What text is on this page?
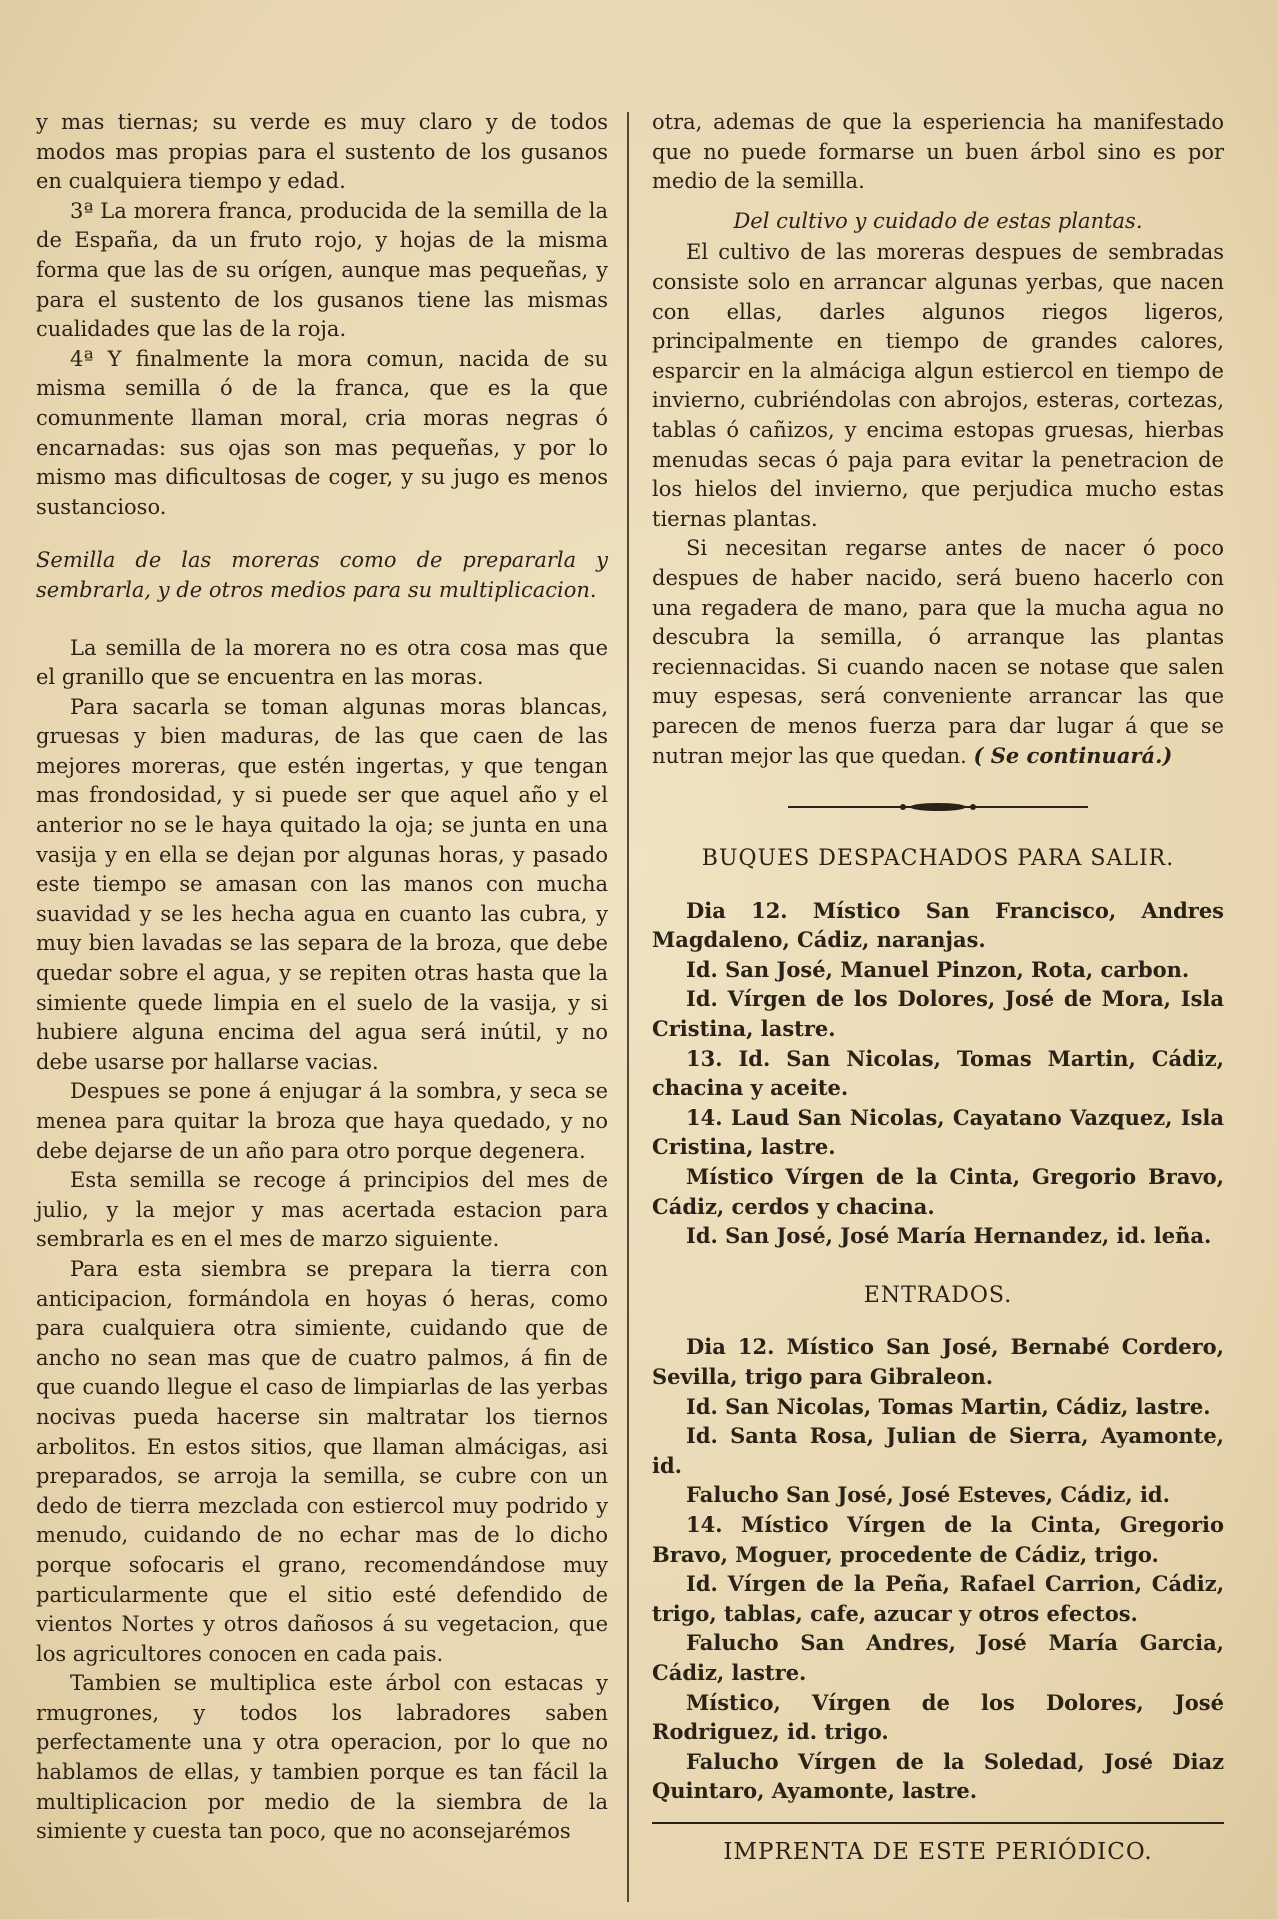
y mas tiernas; su verde es muy claro y de todos modos mas propias para el sustento de los gusanos en cualquiera tiempo y edad.

3ª La morera franca, producida de la semilla de la de España, da un fruto rojo, y hojas de la misma forma que las de su orígen, aunque mas pequeñas, y para el sustento de los gusanos tiene las mismas cualidades que las de la roja.

4ª Y finalmente la mora comun, nacida de su misma semilla ó de la franca, que es la que comunmente llaman moral, cria moras negras ó encarnadas: sus ojas son mas pequeñas, y por lo mismo mas dificultosas de coger, y su jugo es menos sustancioso.

Semilla de las moreras como de prepararla y sembrarla, y de otros medios para su multiplicacion.

La semilla de la morera no es otra cosa mas que el granillo que se encuentra en las moras.

Para sacarla se toman algunas moras blancas, gruesas y bien maduras, de las que caen de las mejores moreras, que estén ingertas, y que tengan mas frondosidad, y si puede ser que aquel año y el anterior no se le haya quitado la oja; se junta en una vasija y en ella se dejan por algunas horas, y pasado este tiempo se amasan con las manos con mucha suavidad y se les hecha agua en cuanto las cubra, y muy bien lavadas se las separa de la broza, que debe quedar sobre el agua, y se repiten otras hasta que la simiente quede limpia en el suelo de la vasija, y si hubiere alguna encima del agua será inútil, y no debe usarse por hallarse vacias.

Despues se pone á enjugar á la sombra, y seca se menea para quitar la broza que haya quedado, y no debe dejarse de un año para otro porque degenera.

Esta semilla se recoge á principios del mes de julio, y la mejor y mas acertada estacion para sembrarla es en el mes de marzo siguiente.

Para esta siembra se prepara la tierra con anticipacion, formándola en hoyas ó heras, como para cualquiera otra simiente, cuidando que de ancho no sean mas que de cuatro palmos, á fin de que cuando llegue el caso de limpiarlas de las yerbas nocivas pueda hacerse sin maltratar los tiernos arbolitos. En estos sitios, que llaman almácigas, asi preparados, se arroja la semilla, se cubre con un dedo de tierra mezclada con estiercol muy podrido y menudo, cuidando de no echar mas de lo dicho porque sofocaris el grano, recomendándose muy particularmente que el sitio esté defendido de vientos Nortes y otros dañosos á su vegetacion, que los agricultores conocen en cada pais.

Tambien se multiplica este árbol con estacas y rmugrones, y todos los labradores saben perfectamente una y otra operacion, por lo que no hablamos de ellas, y tambien porque es tan fácil la multiplicacion por medio de la siembra de la simiente y cuesta tan poco, que no aconsejarémos

otra, ademas de que la esperiencia ha manifestado que no puede formarse un buen árbol sino es por medio de la semilla.

Del cultivo y cuidado de estas plantas.

El cultivo de las moreras despues de sembradas consiste solo en arrancar algunas yerbas, que nacen con ellas, darles algunos riegos ligeros, principalmente en tiempo de grandes calores, esparcir en la almáciga algun estiercol en tiempo de invierno, cubriéndolas con abrojos, esteras, cortezas, tablas ó cañizos, y encima estopas gruesas, hierbas menudas secas ó paja para evitar la penetracion de los hielos del invierno, que perjudica mucho estas tiernas plantas.

Si necesitan regarse antes de nacer ó poco despues de haber nacido, será bueno hacerlo con una regadera de mano, para que la mucha agua no descubra la semilla, ó arranque las plantas reciennacidas. Si cuando nacen se notase que salen muy espesas, será conveniente arrancar las que parecen de menos fuerza para dar lugar á que se nutran mejor las que quedan. ( Se continuará.)

BUQUES DESPACHADOS PARA SALIR.

Dia 12. Místico San Francisco, Andres Magdaleno, Cádiz, naranjas.

Id. San José, Manuel Pinzon, Rota, carbon.

Id. Vírgen de los Dolores, José de Mora, Isla Cristina, lastre.

13. Id. San Nicolas, Tomas Martin, Cádiz, chacina y aceite.

14. Laud San Nicolas, Cayatano Vazquez, Isla Cristina, lastre.

Místico Vírgen de la Cinta, Gregorio Bravo, Cádiz, cerdos y chacina.

Id. San José, José María Hernandez, id. leña.

ENTRADOS.

Dia 12. Místico San José, Bernabé Cordero, Sevilla, trigo para Gibraleon.

Id. San Nicolas, Tomas Martin, Cádiz, lastre.

Id. Santa Rosa, Julian de Sierra, Ayamonte, id.

Falucho San José, José Esteves, Cádiz, id.

14. Místico Vírgen de la Cinta, Gregorio Bravo, Moguer, procedente de Cádiz, trigo.

Id. Vírgen de la Peña, Rafael Carrion, Cádiz, trigo, tablas, cafe, azucar y otros efectos.

Falucho San Andres, José María Garcia, Cádiz, lastre.

Místico, Vírgen de los Dolores, José Rodriguez, id. trigo.

Falucho Vírgen de la Soledad, José Diaz Quintaro, Ayamonte, lastre.

IMPRENTA DE ESTE PERIÓDICO.
